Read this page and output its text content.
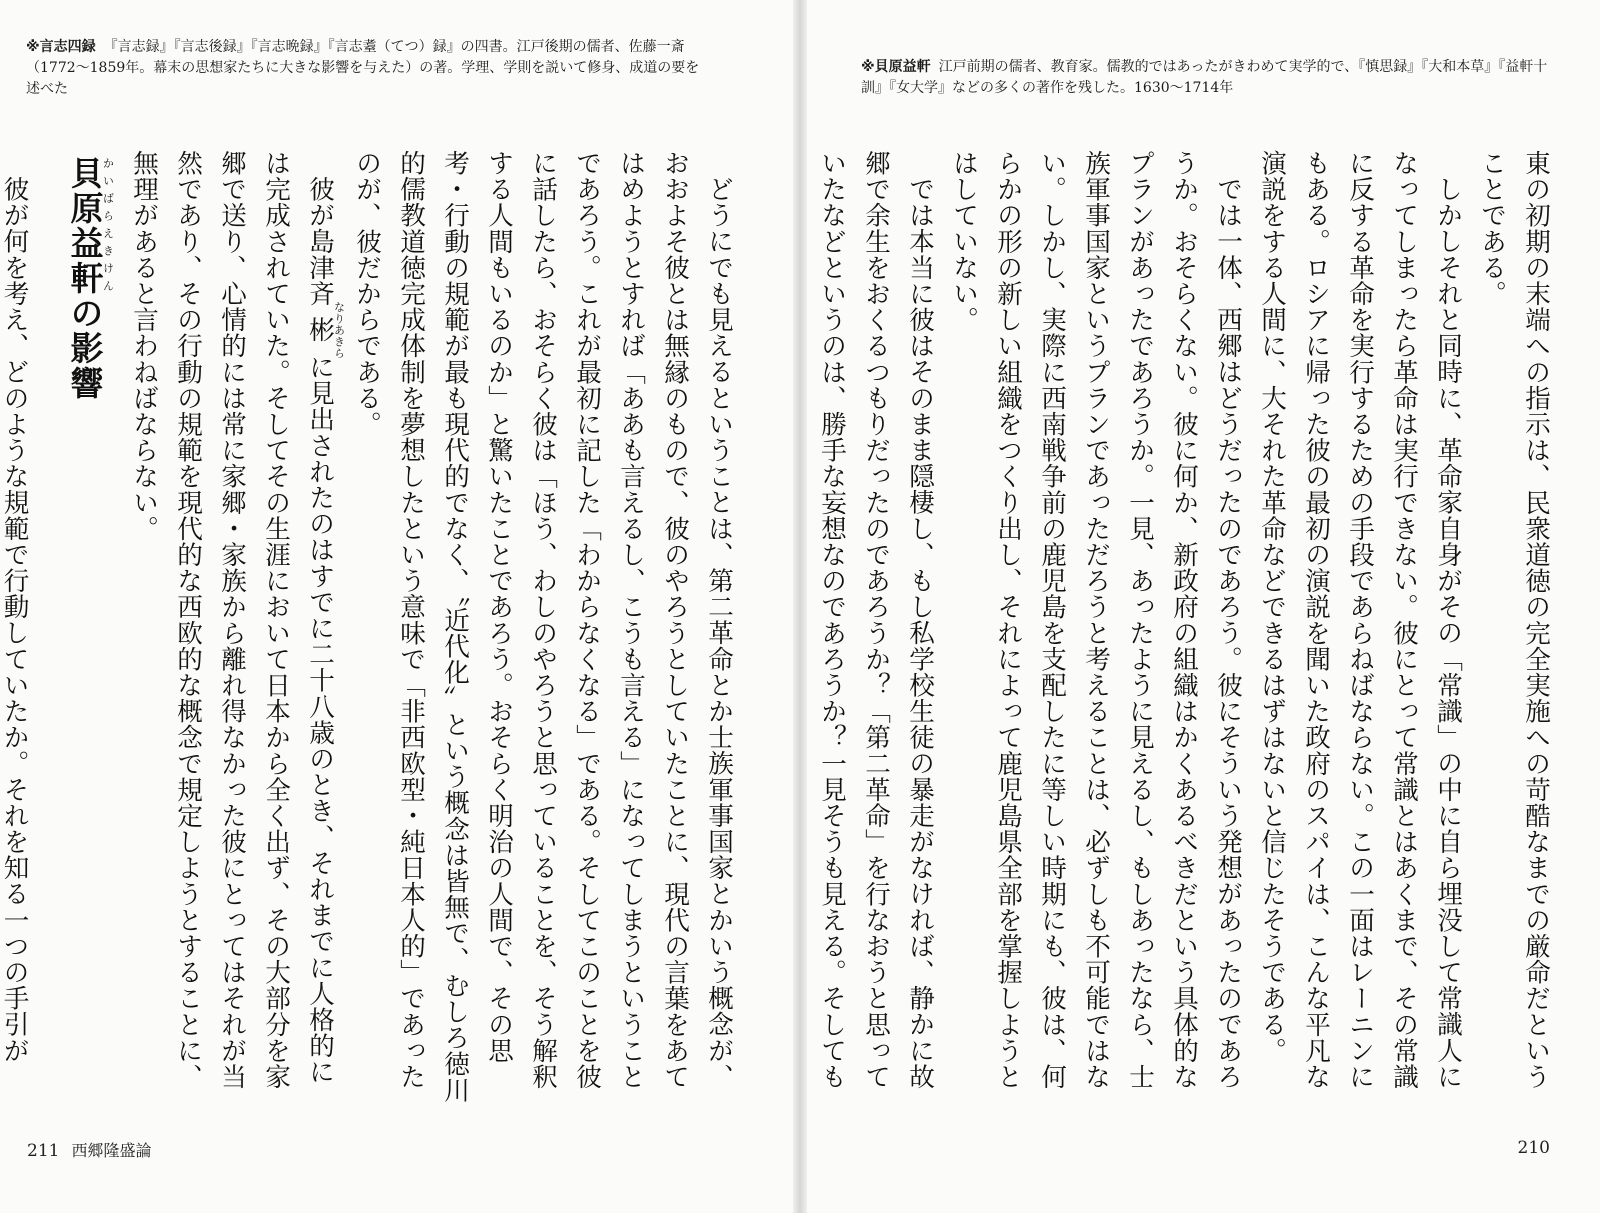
※言志四録 『言志録』『言志後録』『言志晩録』『言志耋（てつ）録』の四書。江戸後期の儒者、佐藤一斎（1772～1859年。幕末の思想家たちに大きな影響を与えた）の著。学理、学則を説いて修身、成道の要を述べた

どうにでも見えるということは、第二革命とか士族軍事国家とかいう概念が、おおよそ彼とは無縁のもので、彼のやろうとしていたことに、現代の言葉をあてはめようとすれば「ああも言えるし、こうも言える」になってしまうということであろう。これが最初に記した「わからなくなる」である。そしてこのことを彼に話したら、おそらく彼は「ほう、わしのやろうと思っていることを、そう解釈する人間もいるのか」と驚いたことであろう。おそらく明治の人間で、その思考・行動の規範が最も現代的でなく、〝近代化〟という概念は皆無で、むしろ徳川的儒教道徳完成体制を夢想したという意味で「非西欧型・純日本人的」であったのが、彼だからである。

彼が島津斉彬なりあきらに見出されたのはすでに二十八歳のとき、それまでに人格的には完成されていた。そしてその生涯において日本から全く出ず、その大部分を家郷で送り、心情的には常に家郷・家族から離れ得なかった彼にとってはそれが当然であり、その行動の規範を現代的な西欧的な概念で規定しようとすることに、無理があると言わねばならない。

貝原益軒かいばらえきけんの影響

彼が何を考え、どのような規範で行動していたか。それを知る一つの手引が

211 西郷隆盛論
※貝原益軒 江戸前期の儒者、教育家。儒教的ではあったがきわめて実学的で、『慎思録』『大和本草』『益軒十訓』『女大学』などの多くの著作を残した。1630～1714年

東の初期の末端への指示は、民衆道徳の完全実施への苛酷なまでの厳命だということである。

しかしそれと同時に、革命家自身がその「常識」の中に自ら埋没して常識人になってしまったら革命は実行できない。彼にとって常識とはあくまで、その常識に反する革命を実行するための手段であらねばならない。この一面はレーニンにもある。ロシアに帰った彼の最初の演説を聞いた政府のスパイは、こんな平凡な演説をする人間に、大それた革命などできるはずはないと信じたそうである。

では一体、西郷はどうだったのであろう。彼にそういう発想があったのであろうか。おそらくない。彼に何か、新政府の組織はかくあるべきだという具体的なプランがあったであろうか。一見、あったように見えるし、もしあったなら、士族軍事国家というプランであっただろうと考えることは、必ずしも不可能ではない。しかし、実際に西南戦争前の鹿児島を支配したに等しい時期にも、彼は、何らかの形の新しい組織をつくり出し、それによって鹿児島県全部を掌握しようとはしていない。

では本当に彼はそのまま隠棲し、もし私学校生徒の暴走がなければ、静かに故郷で余生をおくるつもりだったのであろうか？「第二革命」を行なおうと思っていたなどというのは、勝手な妄想なのであろうか？一見そうも見える。そしても

210
